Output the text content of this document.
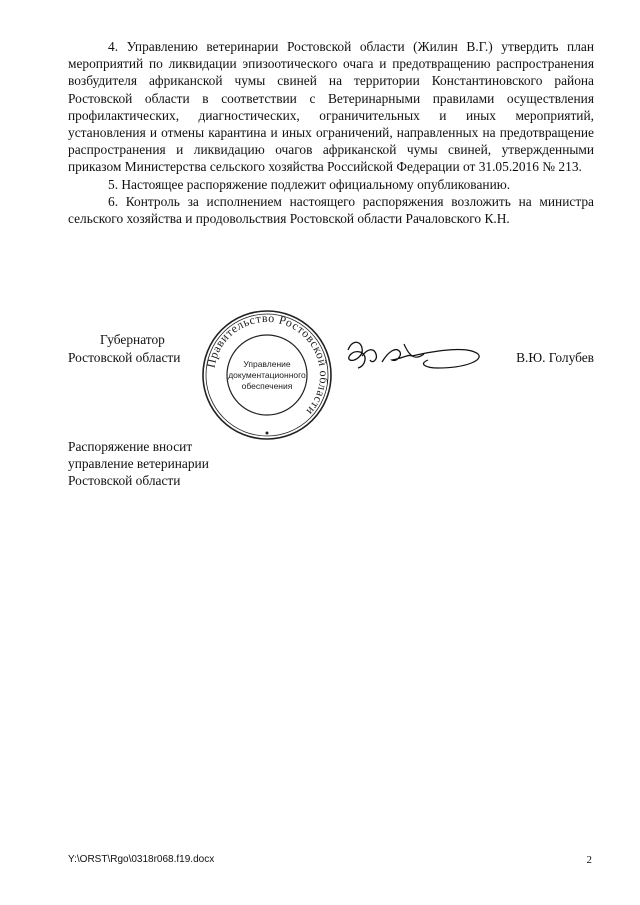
4. Управлению ветеринарии Ростовской области (Жилин В.Г.) утвердить план мероприятий по ликвидации эпизоотического очага и предотвращению распространения возбудителя африканской чумы свиней на территории Константиновского района Ростовской области в соответствии с Ветеринарными правилами осуществления профилактических, диагностических, ограничительных и иных мероприятий, установления и отмены карантина и иных ограничений, направленных на предотвращение распространения и ликвидацию очагов африканской чумы свиней, утвержденными приказом Министерства сельского хозяйства Российской Федерации от 31.05.2016 № 213.

5. Настоящее распоряжение подлежит официальному опубликованию.

6. Контроль за исполнением настоящего распоряжения возложить на министра сельского хозяйства и продовольствия Ростовской области Рачаловского К.Н.

Губернатор
Ростовской области Правительство Ростовской области
Управление
документационного
обеспечения
В.Ю. Голубев
Распоряжение вносит
управление ветеринарии
Ростовской области
Y:\ORST\Rgo\0318r068.f19.docx	2
